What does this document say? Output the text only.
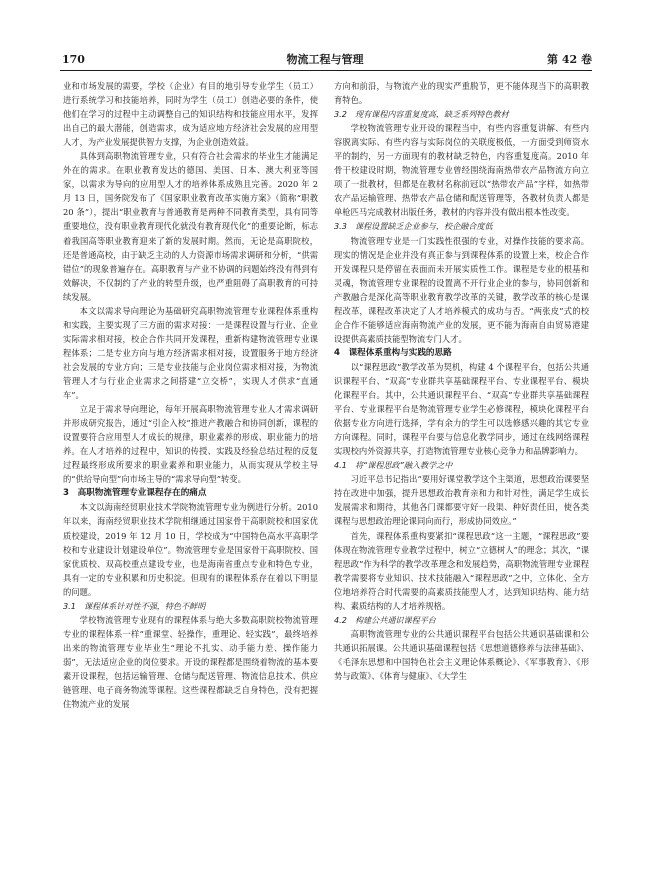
170	物流工程与管理	第 42 卷

业和市场发展的需要，学校（企业）有目的地引导专业学生（员工）进行系统学习和技能培养，同时为学生（员工）创造必要的条件，使他们在学习的过程中主动调整自己的知识结构和技能应用水平，发挥出自己的最大潜能，创造需求，成为适应地方经济社会发展的应用型人才，为产业发展提供智力支撑，为企业创造效益。

具体到高职物流管理专业，只有符合社会需求的毕业生才能满足外在的需求。在职业教育发达的德国、美国、日本、澳大利亚等国家，以需求为导向的应用型人才的培养体系成熟且完善。2020 年 2 月 13 日，国务院发布了《国家职业教育改革实施方案》（简称“职教 20 条”），提出“职业教育与普通教育是两种不同教育类型，具有同等重要地位，没有职业教育现代化就没有教育现代化”的重要论断，标志着我国高等职业教育迎来了新的发展时期。然而，无论是高职院校，还是普通高校，由于缺乏主动的人力资源市场需求调研和分析，“供需错位”的现象普遍存在。高职教育与产业不协调的问题始终没有得到有效解决，不仅制约了产业的转型升级，也严重阻碍了高职教育的可持续发展。

本文以需求导向理论为基础研究高职物流管理专业课程体系重构和实践，主要实现了三方面的需求对接：一是课程设置与行业、企业实际需求相对接，校企合作共同开发课程，重新构建物流管理专业课程体系；二是专业方向与地方经济需求相对接，设置服务于地方经济社会发展的专业方向；三是专业技能与企业岗位需求相对接，为物流管理人才与行业企业需求之间搭建“立交桥”，实现人才供求“直通车”。

立足于需求导向理论，每年开展高职物流管理专业人才需求调研并形成研究报告，通过“引企入校”推进产教融合和协同创新，课程的设置要符合应用型人才成长的规律，职业素养的形成、职业能力的培养。在人才培养的过程中，知识的传授、实践及经验总结过程的反复过程最终形成所要求的职业素养和职业能力，从而实现从学校主导的“供给导向型”向市场主导的“需求导向型”转变。

3　高职物流管理专业课程存在的痛点

本文以海南经贸职业技术学院物流管理专业为例进行分析。2010 年以来，海南经贸职业技术学院相继通过国家骨干高职院校和国家优质校建设，2019 年 12 月 10 日，学校成为“中国特色高水平高职学校和专业建设计划建设单位”。物流管理专业是国家骨干高职院校、国家优质校、双高校重点建设专业，也是海南省重点专业和特色专业，具有一定的专业积累和历史积淀。但现有的课程体系存在着以下明显的问题。

3.1　课程体系针对性不强，特色不鲜明

学校物流管理专业现有的课程体系与绝大多数高职院校物流管理专业的课程体系一样“重课堂、轻操作，重理论、轻实践”，最终培养出来的物流管理专业毕业生“理论不扎实、动手能力差、操作能力弱”，无法适应企业的岗位要求。开设的课程都是围绕着物流的基本要素开设课程，包括运输管理、仓储与配送管理、物流信息技术、供应链管理、电子商务物流等课程。这些课程都缺乏自身特色，没有把握住物流产业的发展

方向和前沿，与物流产业的现实严重脱节，更不能体现当下的高职教育特色。

3.2　现有课程内容重复度高，缺乏系列特色教材

学校物流管理专业开设的课程当中，有些内容重复讲解、有些内容脱离实际、有些内容与实际岗位的关联度极低，一方面受到师资水平的制约，另一方面现有的教材缺乏特色，内容重复度高。2010 年骨干校建设时期，物流管理专业曾经围绕海南热带农产品物流方向立项了一批教材，但都是在教材名称前冠以“热带农产品”字样，如热带农产品运输管理、热带农产品仓储和配送管理等，各教材负责人都是单枪匹马完成教材出版任务，教材的内容并没有做出根本性改变。

3.3　课程设置缺乏企业参与，校企融合度低

物流管理专业是一门实践性很强的专业，对操作技能的要求高。现实的情况是企业并没有真正参与到课程体系的设置上来，校企合作开发课程只是停留在表面而未开展实质性工作。课程是专业的根基和灵魂，物流管理专业课程的设置离不开行业企业的参与，协同创新和产教融合是深化高等职业教育教学改革的关键，教学改革的核心是课程改革，课程改革决定了人才培养模式的成功与否。“两张皮”式的校企合作不能够适应海南物流产业的发展，更不能为海南自由贸易港建设提供高素质技能型物流专门人才。

4　课程体系重构与实践的思路

以“课程思政”教学改革为契机，构建 4 个课程平台，包括公共通识课程平台、“双高”专业群共享基础课程平台、专业课程平台、模块化课程平台。其中，公共通识课程平台、“双高”专业群共享基础课程平台、专业课程平台是物流管理专业学生必修课程，模块化课程平台依据专业方向进行选择，学有余力的学生可以选修感兴趣的其它专业方向课程。同时，课程平台要与信息化教学同步，通过在线网络课程实现校内外资源共享，打造物流管理专业核心竞争力和品牌影响力。

4.1　将“课程思政”融入教学之中

习近平总书记指出“要用好课堂教学这个主渠道，思想政治课要坚持在改进中加强，提升思想政治教育亲和力和针对性，满足学生成长发展需求和期待，其他各门课都要守好一段渠、种好责任田，使各类课程与思想政治理论课同向而行，形成协同效应。”

首先，课程体系重构要紧扣“课程思政”这一主题，“课程思政”要体现在物流管理专业教学过程中，树立“立德树人”的理念；其次，“课程思政”作为科学的教学改革理念和发展趋势，高职物流管理专业课程教学需要将专业知识、技术技能融入“课程思政”之中，立体化、全方位地培养符合时代需要的高素质技能型人才，达到知识结构、能力结构、素质结构的人才培养规格。

4.2　构建公共通识课程平台

高职物流管理专业的公共通识课程平台包括公共通识基础课和公共通识拓展课。公共通识基础课程包括《思想道德修养与法律基础》、《毛泽东思想和中国特色社会主义理论体系概论》、《军事教育》、《形势与政策》、《体育与健康》、《大学生
